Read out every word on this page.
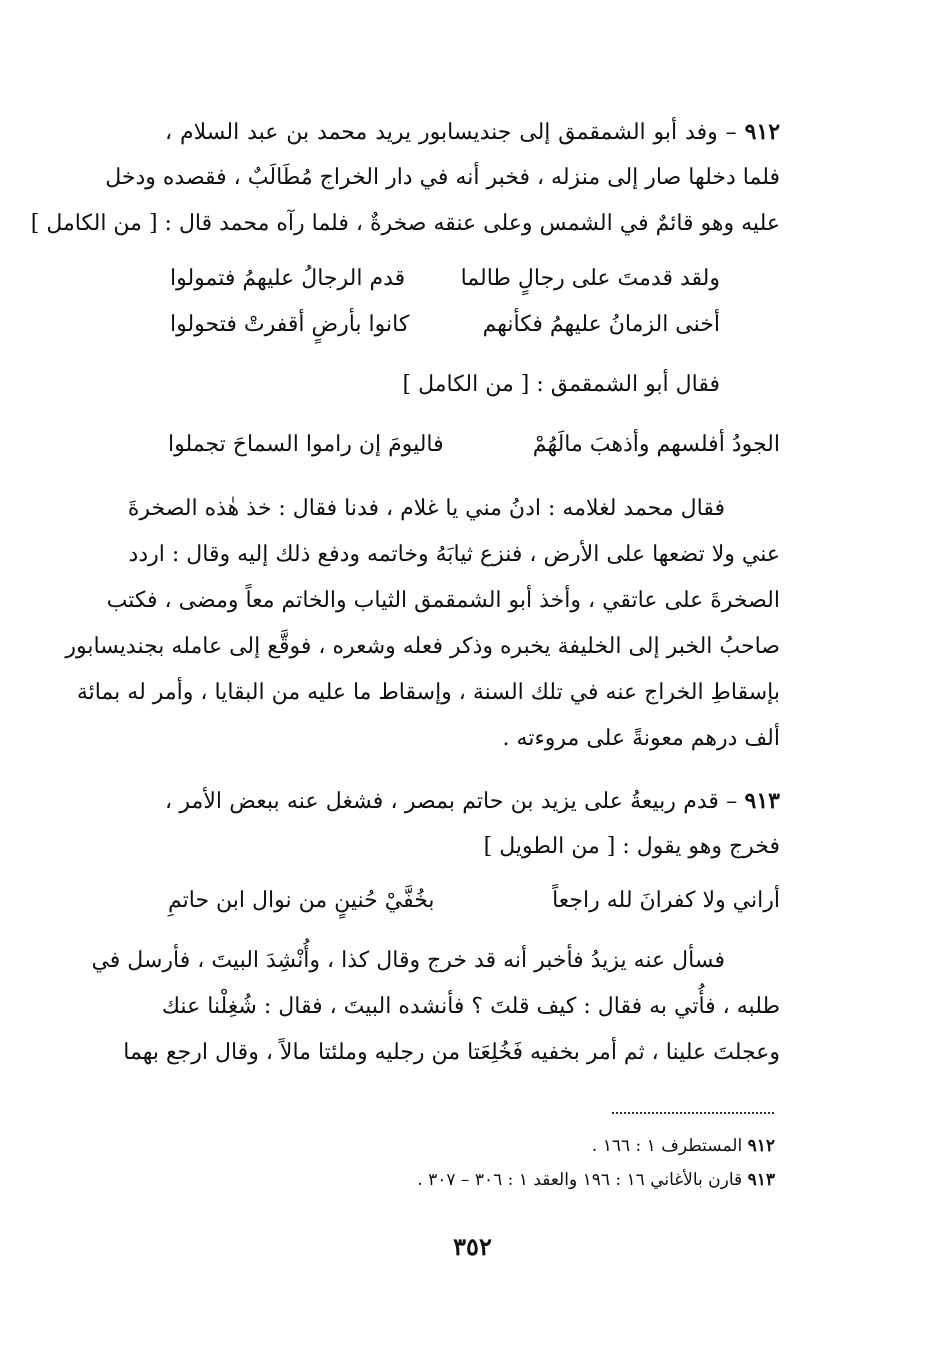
٩١٢ – وفد أبو الشمقمق إلى جنديسابور يريد محمد بن عبد السلام ،
فلما دخلها صار إلى منزله ، فخبر أنه في دار الخراج مُطَالَبٌ ، فقصده ودخل
عليه وهو قائمٌ في الشمس وعلى عنقه صخرةٌ ، فلما رآه محمد قال : [ من الكامل ]
ولقد قدمتَ على رجالٍ طالما
قدم الرجالُ عليهمُ فتمولوا
أخنى الزمانُ عليهمُ فكأنهم
كانوا بأرضٍ أقفرتْ فتحولوا
فقال أبو الشمقمق : [ من الكامل ]
الجودُ أفلسهم وأذهبَ مالَهُمْ
فاليومَ إن راموا السماحَ تجملوا
فقال محمد لغلامه : ادنُ مني يا غلام ، فدنا فقال : خذ هٰذه الصخرةَ
عني ولا تضعها على الأرض ، فنزع ثيابَهُ وخاتمه ودفع ذلك إليه وقال : اردد
الصخرةَ على عاتقي ، وأخذ أبو الشمقمق الثياب والخاتم معاً ومضى ، فكتب
صاحبُ الخبر إلى الخليفة يخبره وذكر فعله وشعره ، فوقَّع إلى عامله بجنديسابور
بإسقاطِ الخراج عنه في تلك السنة ، وإسقاط ما عليه من البقايا ، وأمر له بمائة
ألف درهم معونةً على مروءته .
٩١٣ – قدم ربيعةُ على يزيد بن حاتم بمصر ، فشغل عنه ببعض الأمر ،
فخرج وهو يقول : [ من الطويل ]
أراني ولا كفرانَ لله راجعاً
بخُفَّيْ حُنينٍ من نوال ابن حاتمِ
فسأل عنه يزيدُ فأخبر أنه قد خرج وقال كذا ، وأُنْشِدَ البيتَ ، فأرسل في
طلبه ، فأُتي به فقال : كيف قلتَ ؟ فأنشده البيتَ ، فقال : شُغِلْنا عنك
وعجلتَ علينا ، ثم أمر بخفيه فَخُلِعَتا من رجليه وملئتا مالاً ، وقال ارجع بهما
٩١٢ المستطرف ١ : ١٦٦ .
٩١٣ قارن بالأغاني ١٦ : ١٩٦ والعقد ١ : ٣٠٦ – ٣٠٧ .
٣٥٢
